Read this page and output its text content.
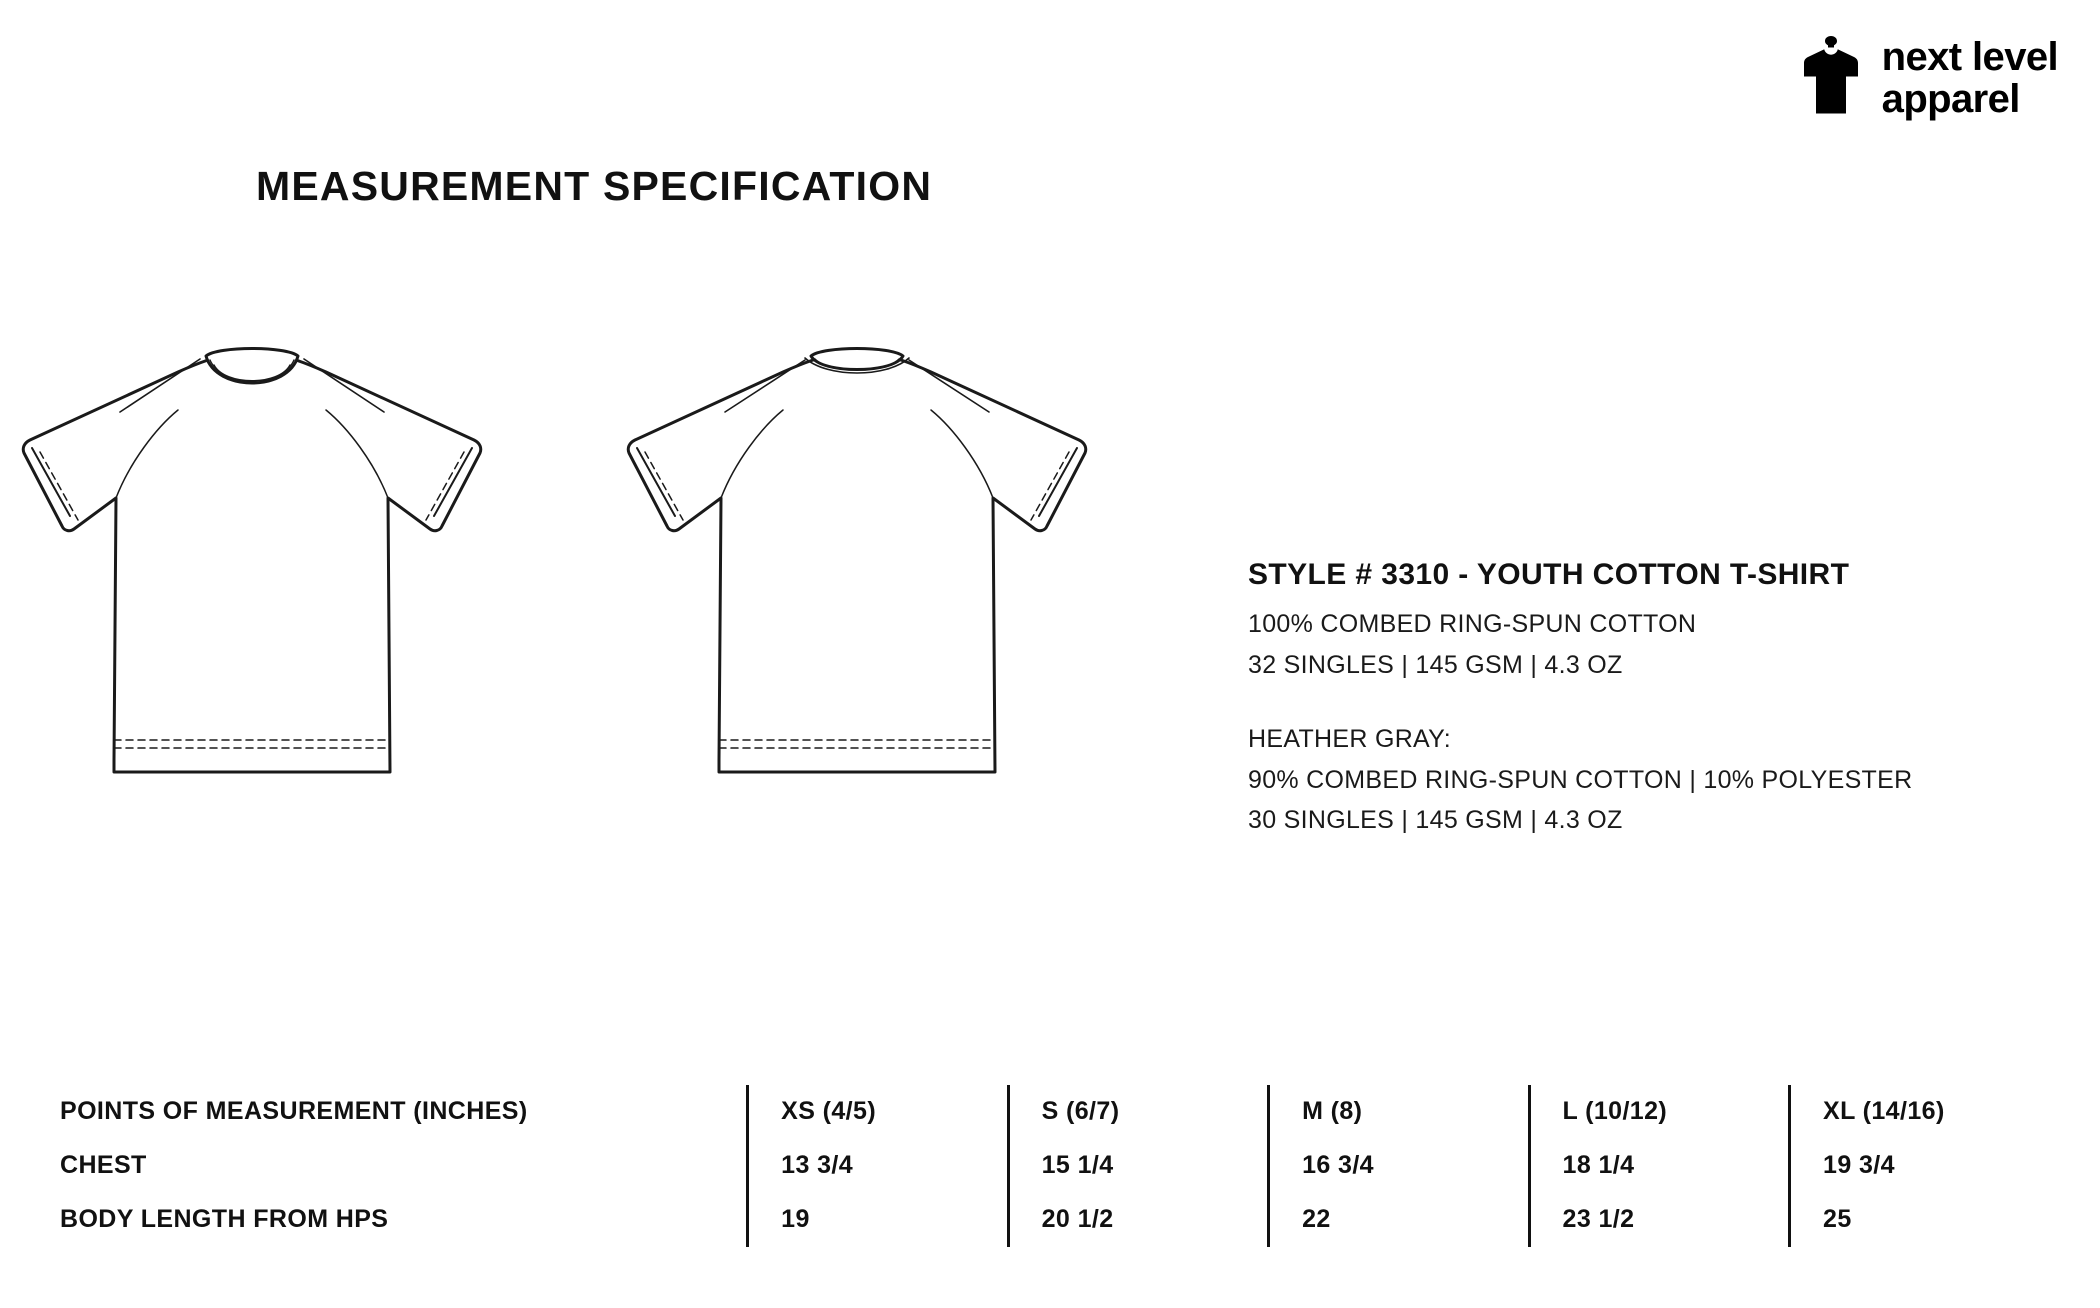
next level
apparel
MEASUREMENT SPECIFICATION
STYLE # 3310 - YOUTH COTTON T-SHIRT
100% COMBED RING-SPUN COTTON
32 SINGLES | 145 GSM | 4.3 OZ
HEATHER GRAY:
90% COMBED RING-SPUN COTTON | 10% POLYESTER
30 SINGLES | 145 GSM | 4.3 OZ
POINTS OF MEASUREMENT (INCHES)	XS (4/5)	S (6/7)	M (8)	L (10/12)	XL (14/16)
CHEST	13 3/4	15 1/4	16 3/4	18 1/4	19 3/4
BODY LENGTH FROM HPS	19	20 1/2	22	23 1/2	25
